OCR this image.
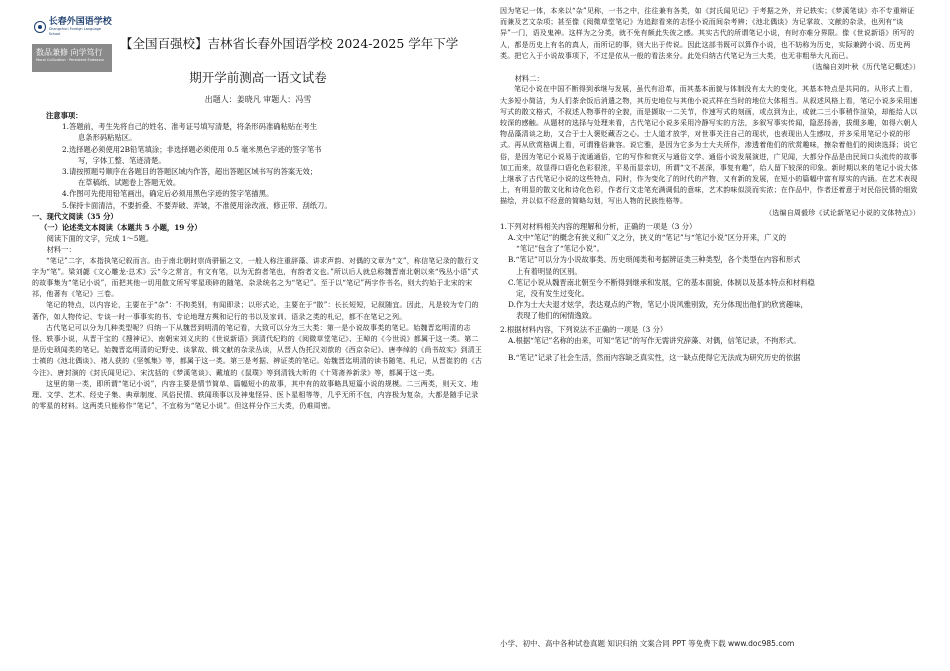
长春外国语学校
Changchun Foreign Language School
数品兼修 向学笃行
Moral Cultivation · Persistent Endeavor
【全国百强校】吉林省长春外国语学校 2024-2025 学年下学
期开学前测高一语文试卷
出题人：姜晓凡 审题人：冯雪

注意事项：

1.答题前，考生先将自己的姓名、准考证号填写清楚，将条形码准确粘贴在考生

息条形码粘贴区。

2.选择题必须使用2B铅笔填涂；非选择题必须使用 0.5 毫米黑色字迹的签字笔书

写，字体工整、笔迹清楚。

3.请按照题号顺序在各题目的答题区域内作答，超出答题区域书写的答案无效；

在草稿纸、试题卷上答题无效。

4.作图可先使用铅笔画出，确定后必须用黑色字迹的签字笔描黑。

5.保持卡面清洁，不要折叠、不要弄破、弄皱，不准使用涂改液、修正带、刮纸刀。

一、现代文阅读（35 分）

（一）论述类文本阅读（本题共 5 小题，19 分）

阅读下面的文字，完成 1～5题。

材料一：

“笔记”二字，本指执笔记叙而言。由于南北朝时崇尚骈俪之文，一般人称注重辞藻、讲求声韵、对偶的文章为“文”，称信笔记录的散行文字为“笔”。梁刘勰《文心雕龙·总术》云“今之常言，有文有笔，以为无韵者笔也，有韵者文也。”所以后人就总称魏晋南北朝以来“残丛小语”式的故事集为“笔记小说”，而把其他一切用散文所写零星琐碎的随笔、杂录统名之为“笔记”。至于以“笔记”两字作书名，则大约始于北宋的宋祁，他著有《笔记》三卷。

笔记的特点，以内容论，主要在于“杂”：不拘类别，有闻即录；以形式论，主要在于“散”：长长短短，记叙随宜。因此，凡是较为专门的著作，如人物传记、专谈一时一事事实的书、专论地理方舆和记行的书以及家训、语录之类的札记，都不在笔记之列。

古代笔记可以分为几种类型呢？归纳一下从魏晋到明清的笔记看，大致可以分为三大类：第一是小说故事类的笔记。始魏晋迄明清的志怪、轶事小说，从晋干宝的《搜神记》、南朝宋刘义庆的《世说新语》到清代纪昀的《阅微草堂笔记》、王晫的《今世说》都属于这一类。第二是历史琐闻类的笔记。始魏晋迄明清的记野史、谈掌故、辑文献的杂录丛谈，从晋人伪托汉刘歆的《西京杂记》、唐李绰的《尚书故实》到清王士禛的《池北偶谈》、褚人获的《坚瓠集》等，都属于这一类。第三是考据、辨证类的笔记。始魏晋迄明清的读书随笔、札记，从晋崔豹的《古今注》、唐封演的《封氏闻见记》、宋沈括的《梦溪笔谈》、戴埴的《鼠璞》等到清钱大昕的《十驾斋养新录》等，都属于这一类。

这里的第一类，即所谓“笔记小说”，内容主要是情节简单、篇幅短小的故事，其中有的故事略具短篇小说的规模。二三两类，则天文、地理、文学、艺术、经史子集、典章制度、风俗民情、轶闻琐事以及神鬼怪异、医卜星相等等，几乎无所不包，内容极为复杂，大都是随手记录的零星的材料。这两类只能称作“笔记”，不宜称为“笔记小说”。但这样分作三大类，仍难周密。

因为笔记一体，本来以“杂”见称，一书之中，往往兼有各类，如《封氏闻见记》于考据之外，并记轶实；《梦溪笔谈》亦不专重辩证而兼及艺文杂项；甚至像《阅微草堂笔记》为追踪看来的志怪小说而间杂考辨；《池北偶谈》为记掌故、文献的杂录，也列有“谈异”一门，语及鬼神。这样为之分类，就不免有颇此失彼之感。其实古代的所谓笔记小说，有时亦难分界限。像《世说新语》所写的人，都是历史上有名的真人，而所记的事，则大出于传说。因此这部书既可以算作小说，也不妨称为历史，实际兼跨小说、历史两类。把它入于小说故事项下，不过是依从一般的看法来分。此处归纳古代笔记为三大类，也无非粗举大凡而已。

（选编自刘叶秋《历代笔记概述》）

材料二：

笔记小说在中国不断得到承继与发展，虽代有沿革，而其基本面貌与体制没有太大的变化，其基本特点是共同的。从形式上看，大多短小简洁，为人们茶余饭后消遣之物，其历史地位与其他小说式样在当时的地位大体相当。从叙述风格上看，笔记小说多采用速写式的散文格式，不叙述人物事件的全貌，而是撷取一二关节，作速写式的刻画，或点到为止，或就二三小事稍作渲染，却能给人以较深的感触。从题材的选择与处理来看，古代笔记小说多采用冷静写实的方法，多叙写事实传闻，隐恶扬善，拔缀多趣，如得六朝人物品藻清谈之助，又合于士人褒贬藏否之心。士人道才放学，对世事关注自己的现状，也表现出人生感叹，并多采用笔记小说的形式。再从欣赏格调上看，可谓雅俗兼容。说它雅，是因为它多为士大夫所作，渗透着他们的欣赏趣味，擦杂着他们的阅读选择；说它俗，是因为笔记小说易于流通通俗，它的写作和衰灭与通俗文学、通俗小说发展演进，广见闻，大都分作品是由民间口头流传的故事加工而来，故显得口语化色彩很浓，平易而显亲切，所谓“文不甚深，事复有趣”，给人留下较深的印象。新时期以来的笔记小说大体上继承了古代笔记小说的这些特点，同时，作为变化了的时代的产物，又有新的发展，在短小的篇幅中富有厚实的内涵。在艺术表现上，有明显的散文化和诗化色彩，作者行文走笔充满调侃的意味，艺术韵味似淡而实浓；在作品中，作者还着意于对民俗民情的细致描绘，并以似不经意的简略勾划，写出人物的民族性格等。

（选编自周毅珍《试论新笔记小说的文体特点》）

1.下列对材料相关内容的理解和分析，正确的一项是（3 分）

A.文中“笔记”的概念有狭义和广义之分，狭义的“笔记”与“笔记小说”区分开来，广义的

“笔记”包含了“笔记小说”。

B.“笔记”可以分为小说故事类、历史琐闻类和考据辨证类三种类型，各个类型在内容和形式

上有着明显的区别。

C.笔记小说从魏晋南北朝至今不断得到继承和发展，它的基本面貌、体制以及基本特点和材料稳

定，没有发生过变化。

D.作为士大夫退才炫学，表达观点的产物，笔记小说风雅别致，充分体现出他们的欣赏趣味，

表现了他们的闲情逸致。

2.根据材料内容，下列说法不正确的一项是（3 分）

A.根据“笔记”名称的由来，可知“笔记”的写作无需讲究辞藻、对偶，信笔记录，不拘形式。

B.“笔记”记录了社会生活，然而内容缺乏真实性，这一缺点使得它无法成为研究历史的依据

小学、初中、高中各种试卷真题 知识归纳 文案合同 PPT 等免费下载 www.doc985.com
